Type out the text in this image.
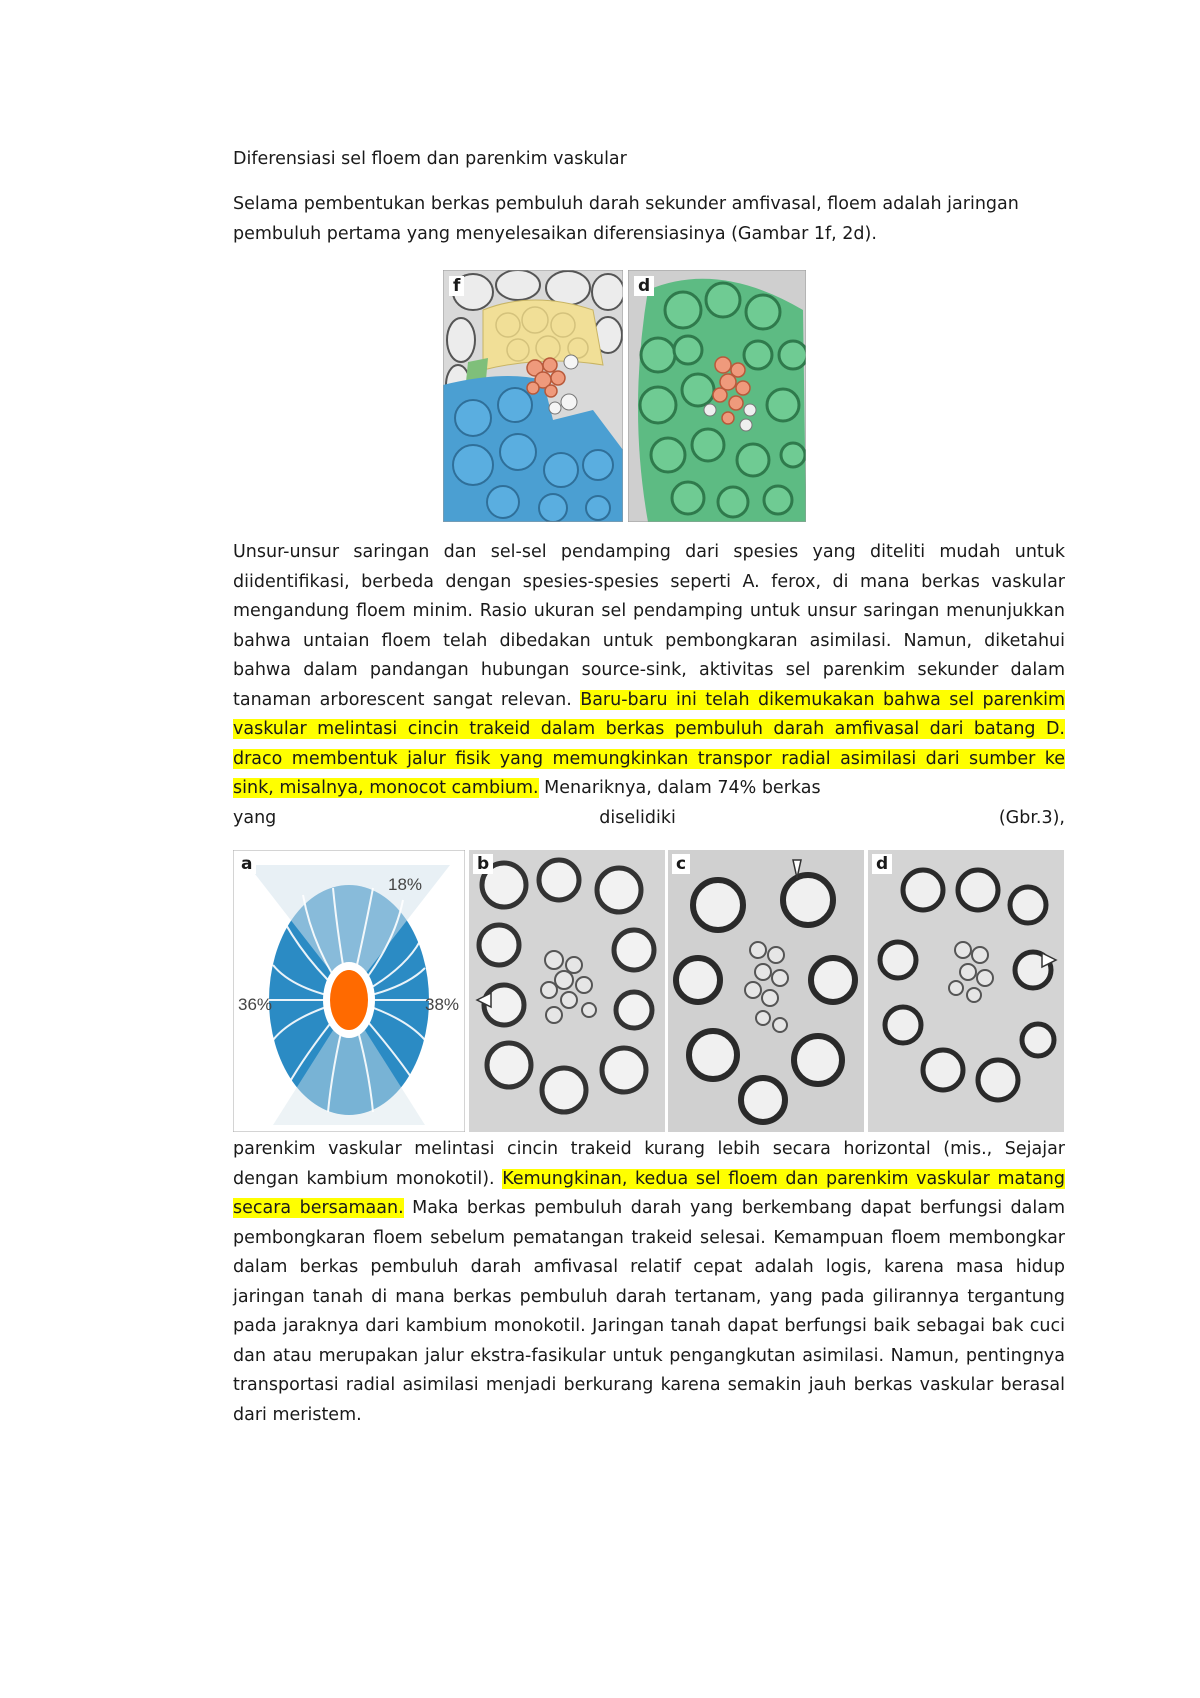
Diferensiasi sel floem dan parenkim vaskular
Selama pembentukan berkas pembuluh darah sekunder amfivasal, floem adalah jaringan pembuluh pertama yang menyelesaikan diferensiasinya (Gambar 1f, 2d).
f	d
Unsur-unsur saringan dan sel-sel pendamping dari spesies yang diteliti mudah untuk diidentifikasi, berbeda dengan spesies-spesies seperti A. ferox, di mana berkas vaskular mengandung floem minim. Rasio ukuran sel pendamping untuk unsur saringan menunjukkan bahwa untaian floem telah dibedakan untuk pembongkaran asimilasi. Namun, diketahui bahwa dalam pandangan hubungan source-sink, aktivitas sel parenkim sekunder dalam tanaman arborescent sangat relevan. Baru-baru ini telah dikemukakan bahwa sel parenkim vaskular melintasi cincin trakeid dalam berkas pembuluh darah amfivasal dari batang D. draco membentuk jalur fisik yang memungkinkan transpor radial asimilasi dari sumber ke sink, misalnya, monocot cambium. Menariknya, dalam 74% berkas
yang	diselidiki	(Gbr.3),
18%
36%	38%
a	b	c	d
parenkim vaskular melintasi cincin trakeid kurang lebih secara horizontal (mis., Sejajar dengan kambium monokotil). Kemungkinan, kedua sel floem dan parenkim vaskular matang secara bersamaan. Maka berkas pembuluh darah yang berkembang dapat berfungsi dalam pembongkaran floem sebelum pematangan trakeid selesai. Kemampuan floem membongkar dalam berkas pembuluh darah amfivasal relatif cepat adalah logis, karena masa hidup jaringan tanah di mana berkas pembuluh darah tertanam, yang pada gilirannya tergantung pada jaraknya dari kambium monokotil. Jaringan tanah dapat berfungsi baik sebagai bak cuci dan atau merupakan jalur ekstra-fasikular untuk pengangkutan asimilasi. Namun, pentingnya transportasi radial asimilasi menjadi berkurang karena semakin jauh berkas vaskular berasal dari meristem.
